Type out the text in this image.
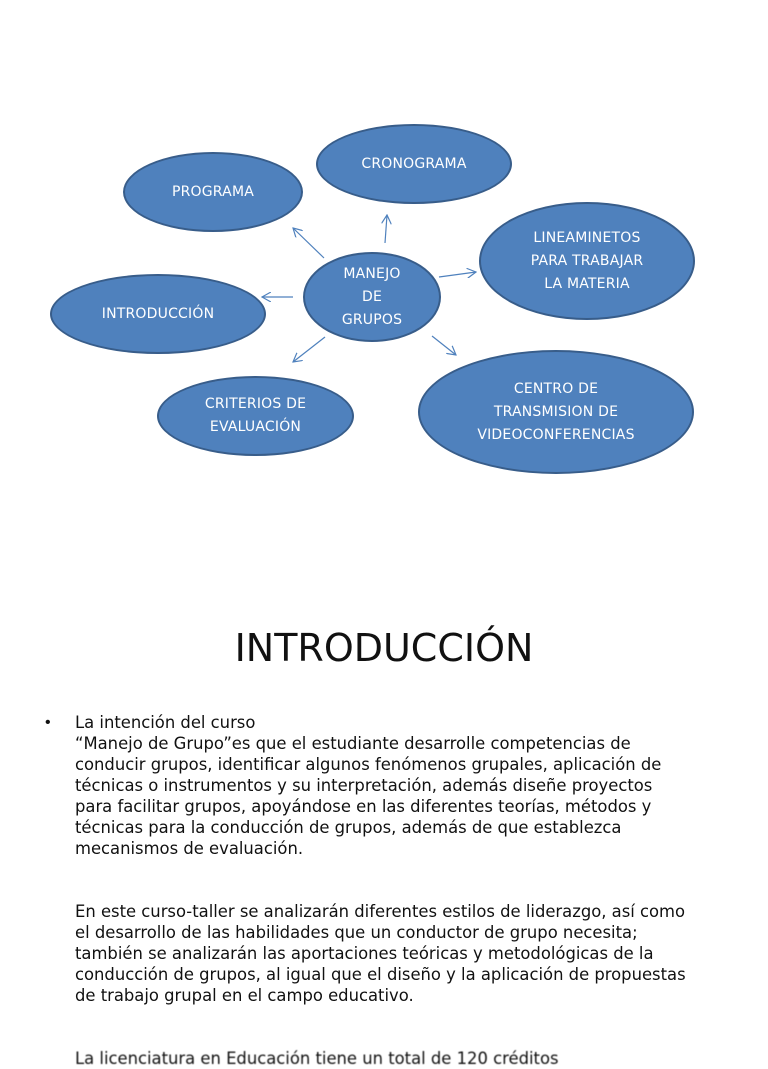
PROGRAMA
CRONOGRAMA
LINEAMINETOS
PARA TRABAJAR
LA MATERIA
INTRODUCCIÓN
MANEJO
DE
GRUPOS
CRITERIOS DE
EVALUACIÓN
CENTRO DE
TRANSMISION DE
VIDEOCONFERENCIAS
INTRODUCCIÓN
• La intención del curso
“Manejo de Grupo”es que el estudiante desarrolle competencias de
conducir grupos, identificar algunos fenómenos grupales, aplicación de
técnicas o instrumentos y su interpretación, además diseñe proyectos
para facilitar grupos, apoyándose en las diferentes teorías, métodos y
técnicas para la conducción de grupos, además de que establezca
mecanismos de evaluación.

En este curso-taller se analizarán diferentes estilos de liderazgo, así como
el desarrollo de las habilidades que un conductor de grupo necesita;
también se analizarán las aportaciones teóricas y metodológicas de la
conducción de grupos, al igual que el diseño y la aplicación de propuestas
de trabajo grupal en el campo educativo.

La licenciatura en Educación tiene un total de 120 créditos
